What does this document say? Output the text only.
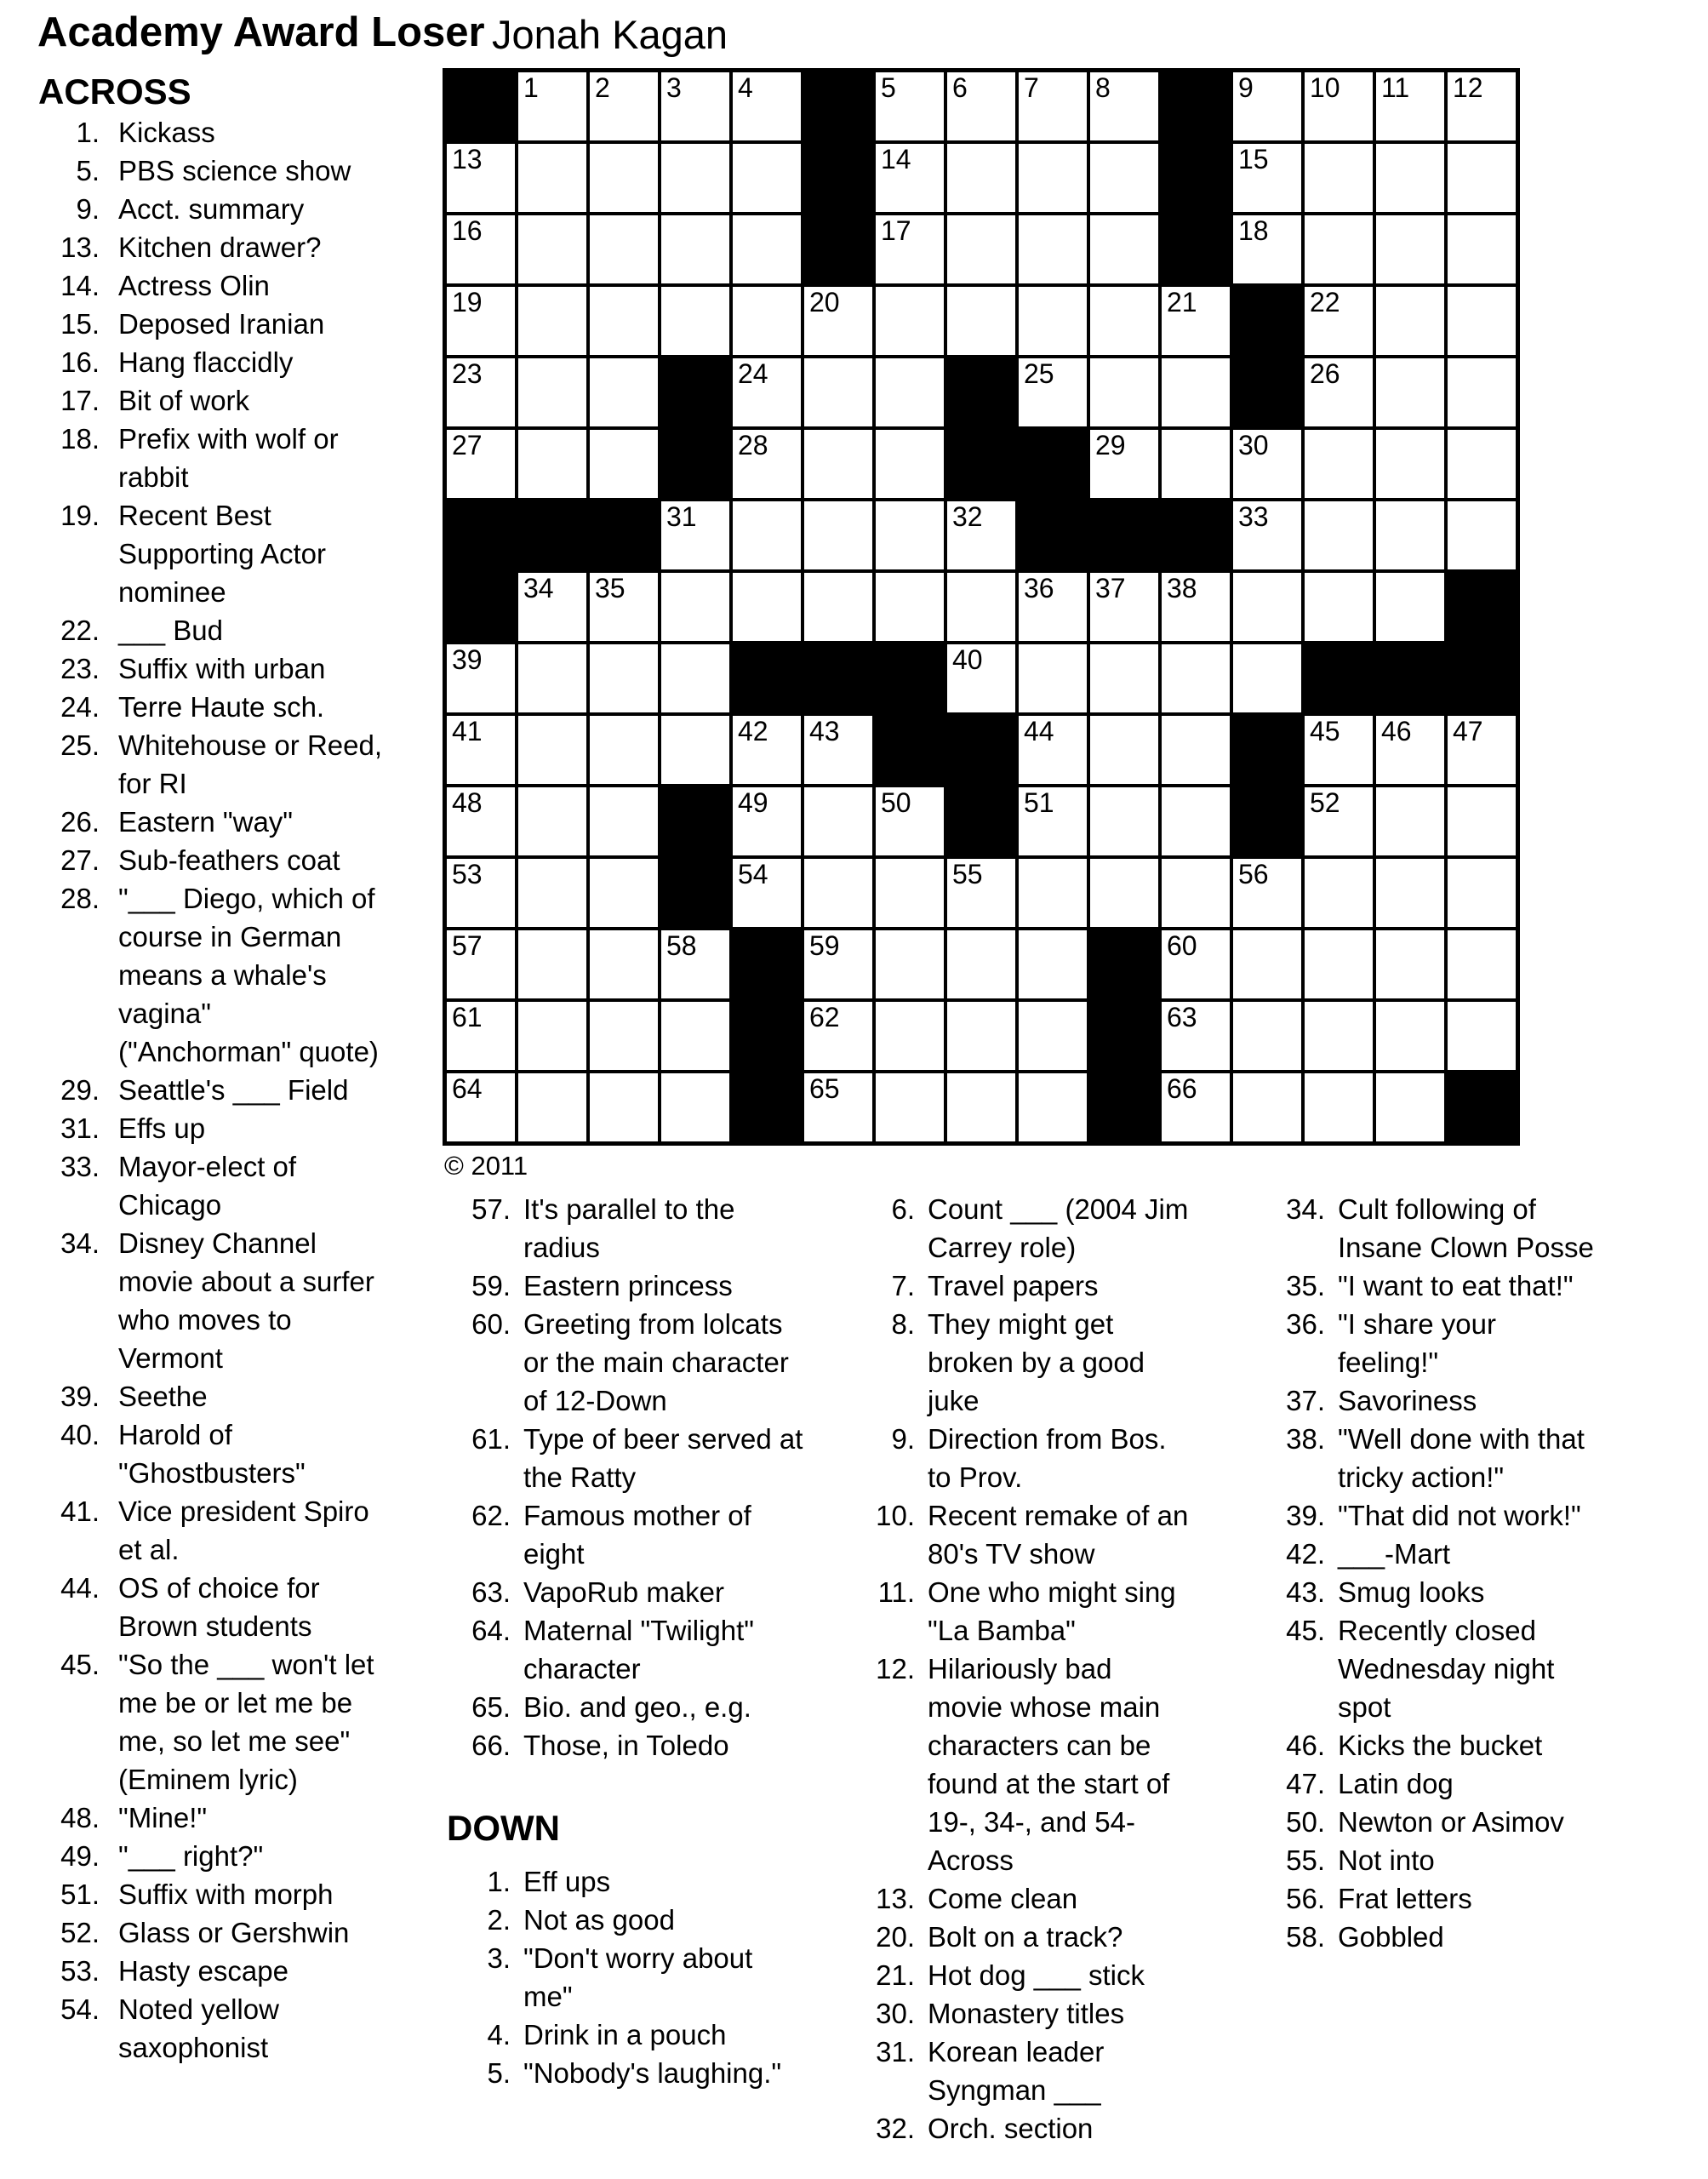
Academy Award Loser Jonah Kagan
ACROSS
1. Kickass
5. PBS science show
9. Acct. summary
13. Kitchen drawer?
14. Actress Olin
15. Deposed Iranian
16. Hang flaccidly
17. Bit of work
18. Prefix with wolf or rabbit
19. Recent Best Supporting Actor nominee
22. ___ Bud
23. Suffix with urban
24. Terre Haute sch.
25. Whitehouse or Reed, for RI
26. Eastern "way"
27. Sub-feathers coat
28. "___ Diego, which of course in German means a whale's vagina" ("Anchorman" quote)
29. Seattle's ___ Field
31. Effs up
33. Mayor-elect of Chicago
34. Disney Channel movie about a surfer who moves to Vermont
39. Seethe
40. Harold of "Ghostbusters"
41. Vice president Spiro et al.
44. OS of choice for Brown students
45. "So the ___ won't let me be or let me be me, so let me see" (Eminem lyric)
48. "Mine!"
49. "___ right?"
51. Suffix with morph
52. Glass or Gershwin
53. Hasty escape
54. Noted yellow saxophonist
1 2 3 4	5 6 7 8	9 10 11 12
13	14	15
16	17	18
19	20	21	22
23	24	25	26
27	28	29	30
31	32	33
34 35	36 37 38
39	40
41	42 43	44	45 46 47
48	49	50	51	52
53	54	55	56
57	58	59	60
61	62	63
64	65	66
© 2011
57. It's parallel to the radius
59. Eastern princess
60. Greeting from lolcats or the main character of 12-Down
61. Type of beer served at the Ratty
62. Famous mother of eight
63. VapoRub maker
64. Maternal "Twilight" character
65. Bio. and geo., e.g.
66. Those, in Toledo
DOWN
1. Eff ups
2. Not as good
3. "Don't worry about me"
4. Drink in a pouch
5. "Nobody's laughing."
6. Count ___ (2004 Jim Carrey role)
7. Travel papers
8. They might get broken by a good juke
9. Direction from Bos. to Prov.
10. Recent remake of an 80's TV show
11. One who might sing "La Bamba"
12. Hilariously bad movie whose main characters can be found at the start of 19-, 34-, and 54-Across
13. Come clean
20. Bolt on a track?
21. Hot dog ___ stick
30. Monastery titles
31. Korean leader Syngman ___
32. Orch. section
34. Cult following of Insane Clown Posse
35. "I want to eat that!"
36. "I share your feeling!"
37. Savoriness
38. "Well done with that tricky action!"
39. "That did not work!"
42. ___-Mart
43. Smug looks
45. Recently closed Wednesday night spot
46. Kicks the bucket
47. Latin dog
50. Newton or Asimov
55. Not into
56. Frat letters
58. Gobbled
